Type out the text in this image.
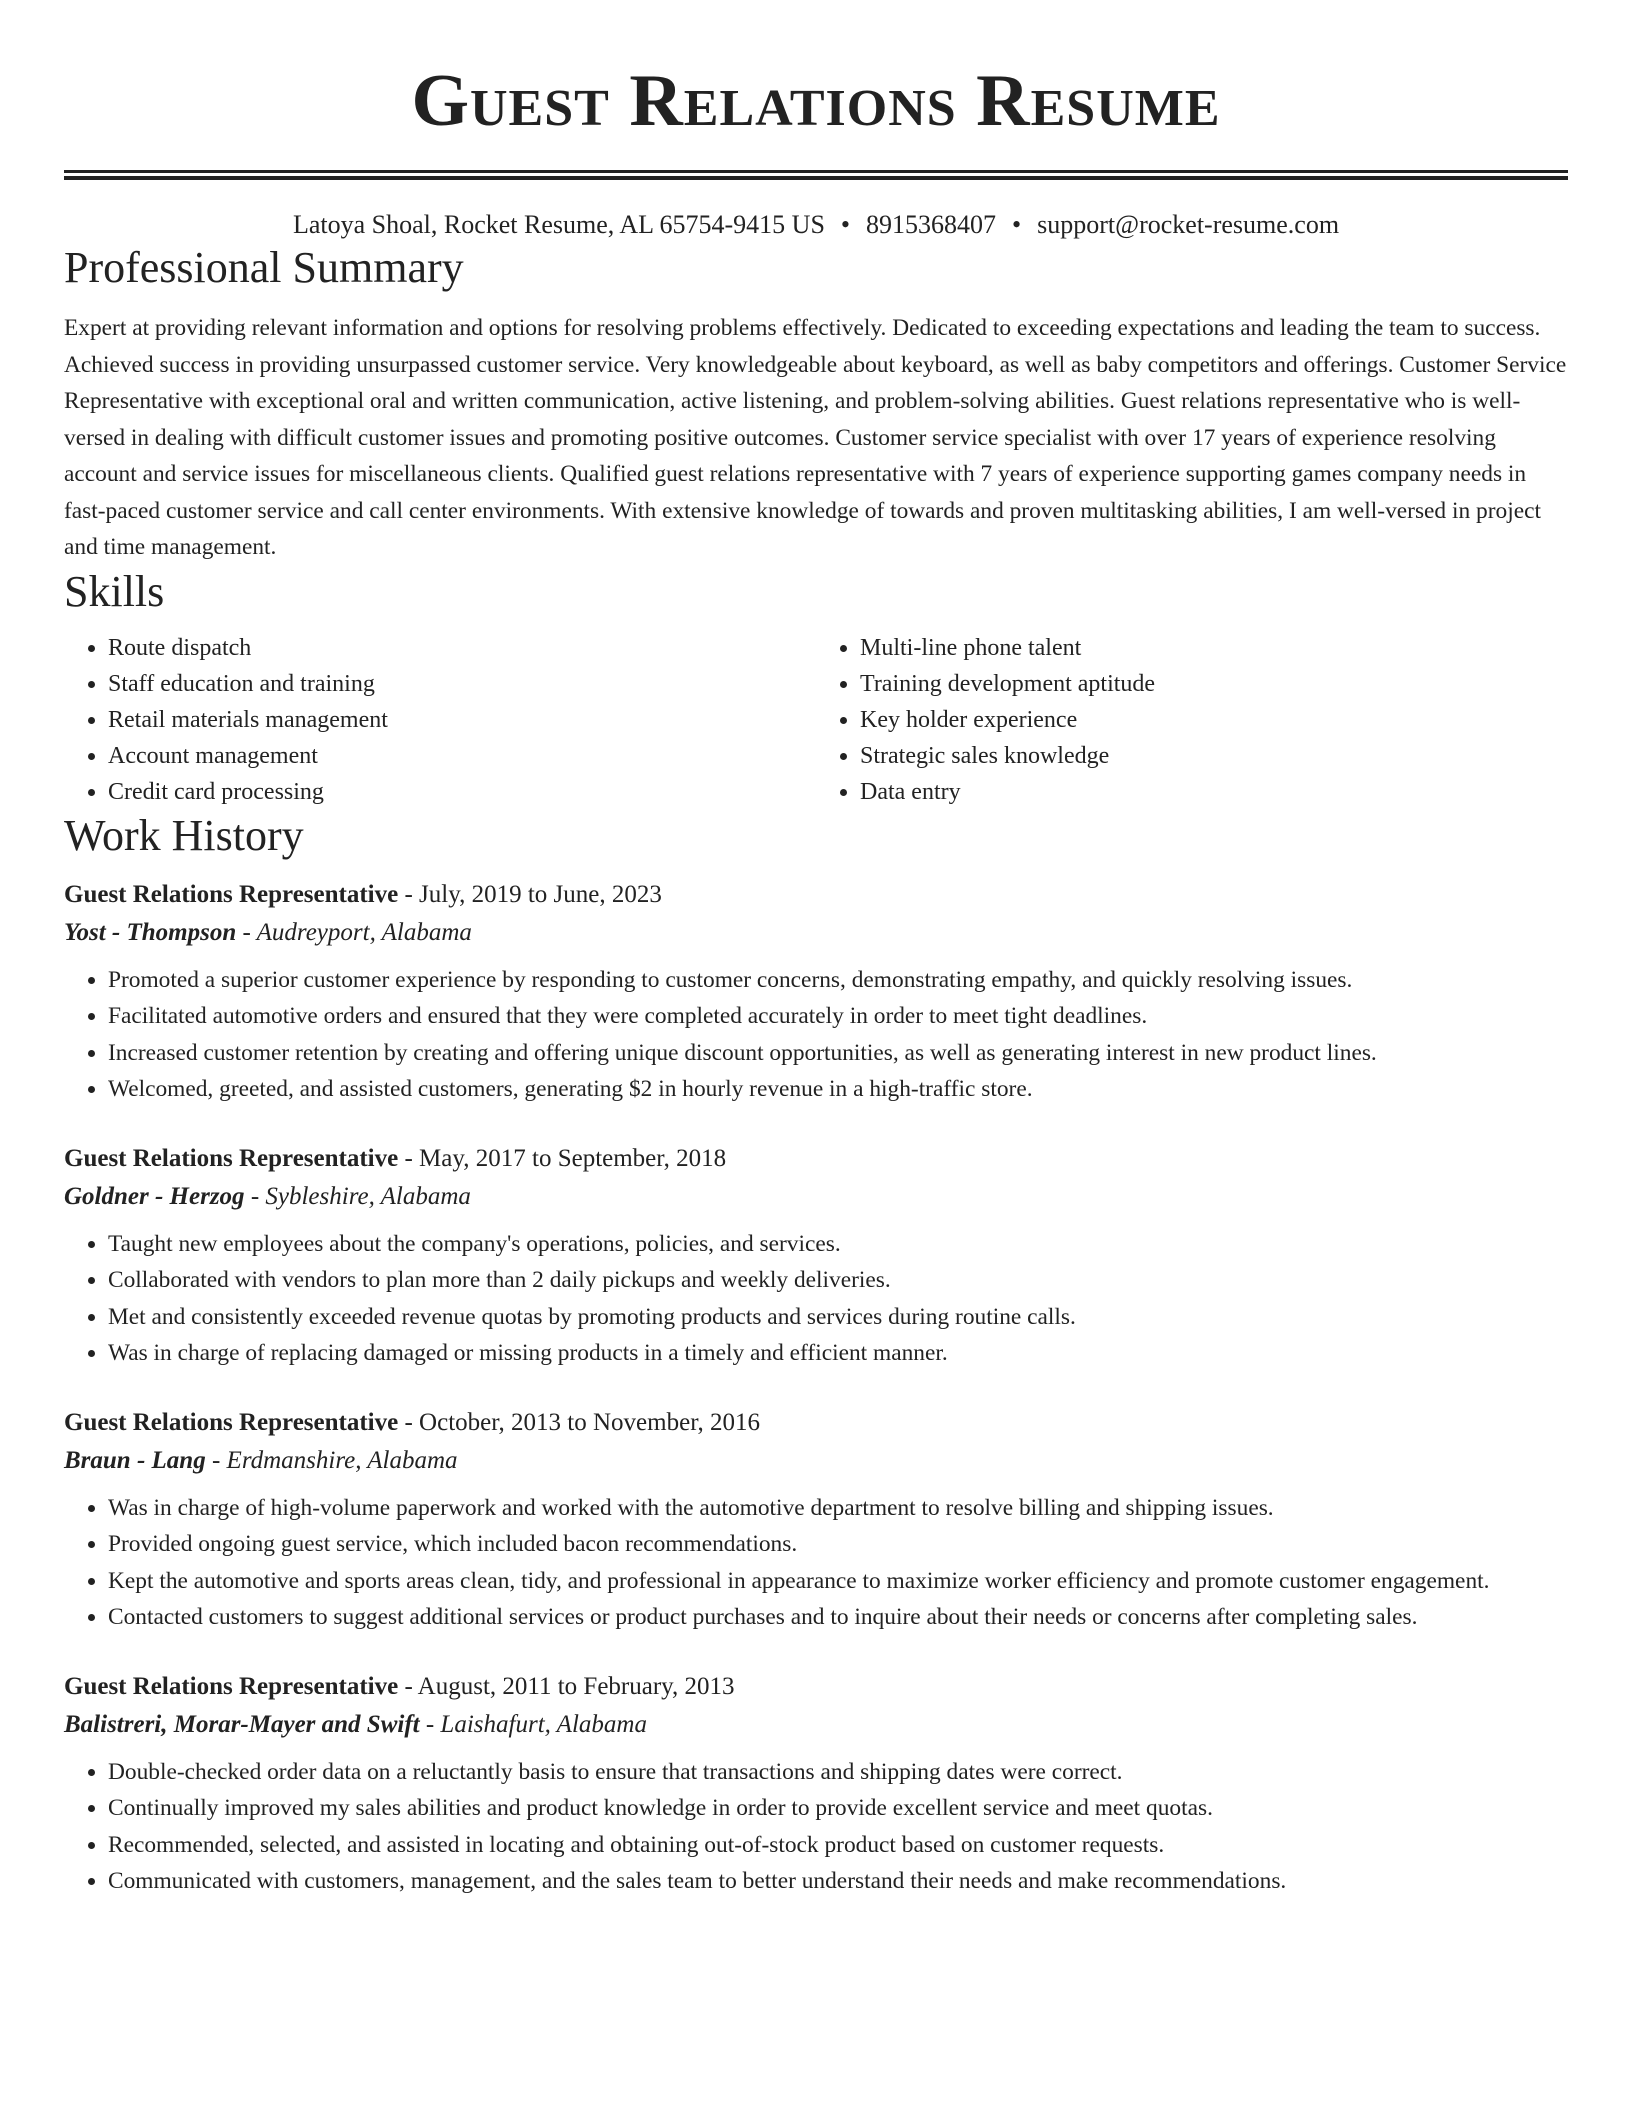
Guest Relations Resume
Latoya Shoal, Rocket Resume, AL 65754-9415 US • 8915368407 • support@rocket-resume.com
Professional Summary

Expert at providing relevant information and options for resolving problems effectively. Dedicated to exceeding expectations and leading the team to success. Achieved success in providing unsurpassed customer service. Very knowledgeable about keyboard, as well as baby competitors and offerings. Customer Service Representative with exceptional oral and written communication, active listening, and problem-solving abilities. Guest relations representative who is well-versed in dealing with difficult customer issues and promoting positive outcomes. Customer service specialist with over 17 years of experience resolving account and service issues for miscellaneous clients. Qualified guest relations representative with 7 years of experience supporting games company needs in fast-paced customer service and call center environments. With extensive knowledge of towards and proven multitasking abilities, I am well-versed in project and time management.

Skills
• Route dispatch
• Staff education and training
• Retail materials management
• Account management
• Credit card processing
• Multi-line phone talent
• Training development aptitude
• Key holder experience
• Strategic sales knowledge
• Data entry
Work History
Guest Relations Representative - July, 2019 to June, 2023
Yost - Thompson - Audreyport, Alabama
• Promoted a superior customer experience by responding to customer concerns, demonstrating empathy, and quickly resolving issues.
• Facilitated automotive orders and ensured that they were completed accurately in order to meet tight deadlines.
• Increased customer retention by creating and offering unique discount opportunities, as well as generating interest in new product lines.
• Welcomed, greeted, and assisted customers, generating $2 in hourly revenue in a high-traffic store.
Guest Relations Representative - May, 2017 to September, 2018
Goldner - Herzog - Sybleshire, Alabama
• Taught new employees about the company's operations, policies, and services.
• Collaborated with vendors to plan more than 2 daily pickups and weekly deliveries.
• Met and consistently exceeded revenue quotas by promoting products and services during routine calls.
• Was in charge of replacing damaged or missing products in a timely and efficient manner.
Guest Relations Representative - October, 2013 to November, 2016
Braun - Lang - Erdmanshire, Alabama
• Was in charge of high-volume paperwork and worked with the automotive department to resolve billing and shipping issues.
• Provided ongoing guest service, which included bacon recommendations.
• Kept the automotive and sports areas clean, tidy, and professional in appearance to maximize worker efficiency and promote customer engagement.
• Contacted customers to suggest additional services or product purchases and to inquire about their needs or concerns after completing sales.
Guest Relations Representative - August, 2011 to February, 2013
Balistreri, Morar-Mayer and Swift - Laishafurt, Alabama
• Double-checked order data on a reluctantly basis to ensure that transactions and shipping dates were correct.
• Continually improved my sales abilities and product knowledge in order to provide excellent service and meet quotas.
• Recommended, selected, and assisted in locating and obtaining out-of-stock product based on customer requests.
• Communicated with customers, management, and the sales team to better understand their needs and make recommendations.
